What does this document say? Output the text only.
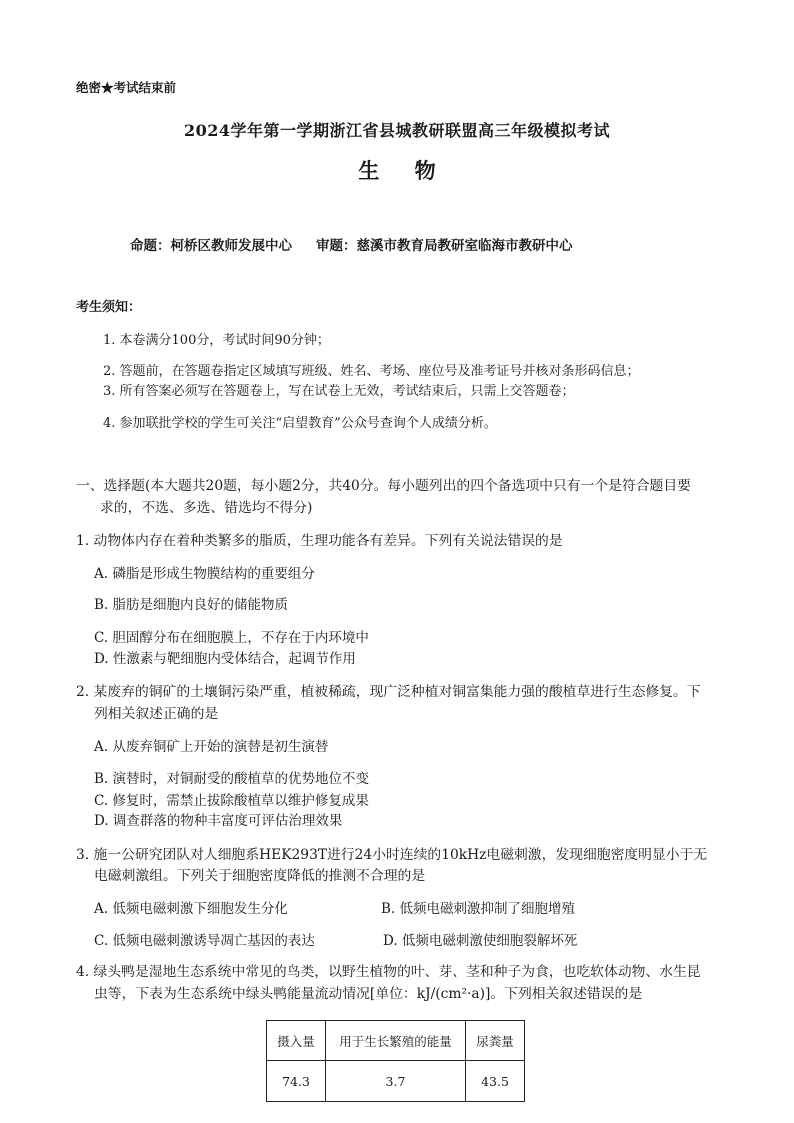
绝密★考试结束前
2024学年第一学期浙江省县城教研联盟高三年级模拟考试
生 物
命题：柯桥区教师发展中心 审题：慈溪市教育局教研室临海市教研中心
考生须知：
1. 本卷满分100分，考试时间90分钟；
2. 答题前，在答题卷指定区域填写班级、姓名、考场、座位号及准考证号并核对条形码信息；
3. 所有答案必须写在答题卷上，写在试卷上无效，考试结束后，只需上交答题卷；
4. 参加联批学校的学生可关注“启望教育”公众号查询个人成绩分析。
一、选择题(本大题共20题，每小题2分，共40分。每小题列出的四个备选项中只有一个是符合题目要
求的，不选、多选、错选均不得分)
1. 动物体内存在着种类繁多的脂质，生理功能各有差异。下列有关说法错误的是
A. 磷脂是形成生物膜结构的重要组分
B. 脂肪是细胞内良好的储能物质
C. 胆固醇分布在细胞膜上，不存在于内环境中
D. 性激素与靶细胞内受体结合，起调节作用
2. 某废弃的铜矿的土壤铜污染严重，植被稀疏，现广泛种植对铜富集能力强的酸植草进行生态修复。下
列相关叙述正确的是
A. 从废弃铜矿上开始的演替是初生演替
B. 演替时，对铜耐受的酸植草的优势地位不变
C. 修复时，需禁止拔除酸植草以维护修复成果
D. 调查群落的物种丰富度可评估治理效果
3. 施一公研究团队对人细胞系HEK293T进行24小时连续的10kHz电磁刺激，发现细胞密度明显小于无
电磁刺激组。下列关于细胞密度降低的推测不合理的是
A. 低频电磁刺激下细胞发生分化	B. 低频电磁刺激抑制了细胞增殖
C. 低频电磁刺激诱导凋亡基因的表达	D. 低频电磁刺激使细胞裂解坏死
4. 绿头鸭是湿地生态系统中常见的鸟类，以野生植物的叶、芽、茎和种子为食，也吃软体动物、水生昆
虫等，下表为生态系统中绿头鸭能量流动情况[单位：kJ/(cm²·a)]。下列相关叙述错误的是
摄入量	用于生长繁殖的能量	尿粪量
74.3	3.7	43.5
